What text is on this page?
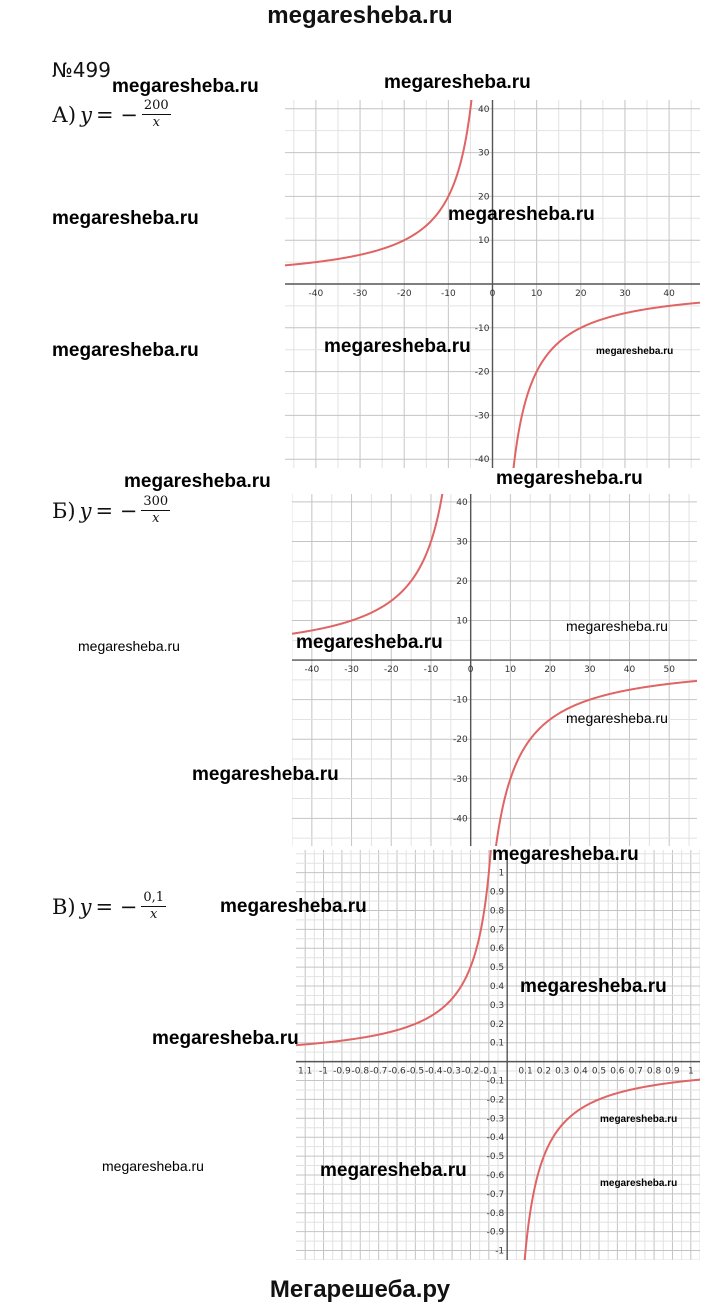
megaresheba.ru
№499
А) y = − $\frac{200}{x}$
Б) y = − $\frac{300}{x}$
В) y = − $\frac{0,1}{x}$
-40	-30	-20	-10	0	10	20	30	40
40
30
20
10
-10
-20
-30
-40
-40	-30	-20	-10	0	10	20	30	40	50
40
30
20
10
-10
-20
-30
-40
1.1 -1 -0.9 -0.8 -0.7 -0.6 -0.5 -0.4 -0.3 -0.2 -0.1 0.1 0.2 0.3 0.4 0.5 0.6 0.7 0.8 0.9 1
1
0.9
0.8
0.7
0.6
0.5
0.4
0.3
0.2
0.1
-0.1
-0.2
-0.3
-0.4
-0.5
-0.6
-0.7
-0.8
-0.9
-1
megaresheba.ru
megaresheba.ru
megaresheba.ru	megaresheba.ru
megaresheba.ru	megaresheba.ru	megaresheba.ru
megaresheba.ru	megaresheba.ru
megaresheba.ru
megaresheba.ru
megaresheba.ru
megaresheba.ru
megaresheba.ru
megaresheba.ru
megaresheba.ru
megaresheba.ru
megaresheba.ru
megaresheba.ru
megaresheba.ru	megaresheba.ru
megaresheba.ru
Мегарешеба.ру
